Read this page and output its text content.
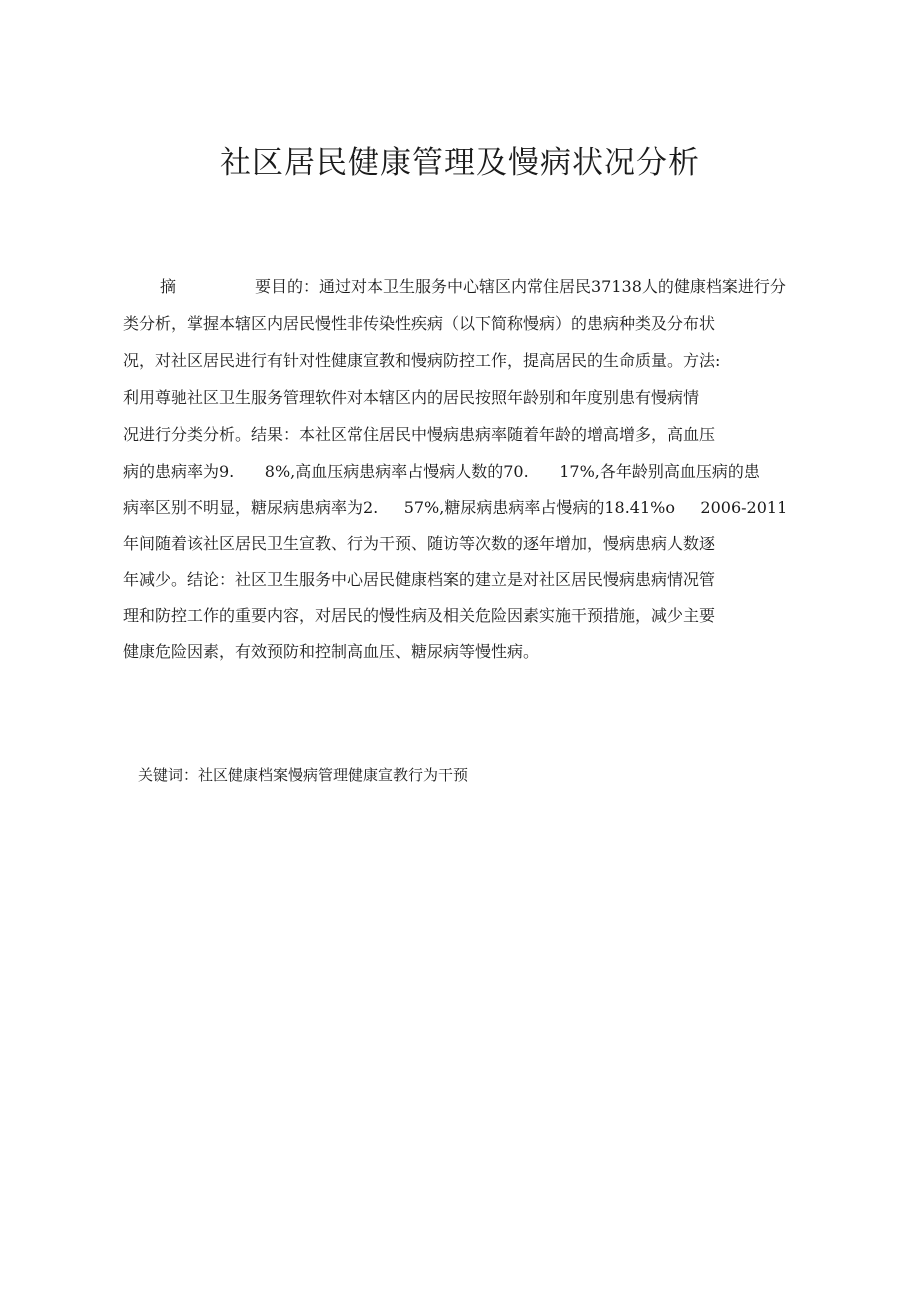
社区居民健康管理及慢病状况分析
摘	要目的：通过对本卫生服务中心辖区内常住居民37138人的健康档案进行分
类分析，掌握本辖区内居民慢性非传染性疾病（以下简称慢病）的患病种类及分布状
况，对社区居民进行有针对性健康宣教和慢病防控工作，提高居民的生命质量。方法:
利用尊驰社区卫生服务管理软件对本辖区内的居民按照年龄别和年度别患有慢病情
况进行分类分析。结果：本社区常住居民中慢病患病率随着年龄的增高增多，高血压
病的患病率为9.      8%,高血压病患病率占慢病人数的70.      17%,各年龄别高血压病的患
病率区别不明显，糖尿病患病率为2.     57%,糖尿病患病率占慢病的18.41%o     2006-2011
年间随着该社区居民卫生宣教、行为干预、随访等次数的逐年增加，慢病患病人数逐
年减少。结论：社区卫生服务中心居民健康档案的建立是对社区居民慢病患病情况管
理和防控工作的重要内容，对居民的慢性病及相关危险因素实施干预措施，减少主要
健康危险因素，有效预防和控制高血压、糖尿病等慢性病。

关键词：社区健康档案慢病管理健康宣教行为干预
